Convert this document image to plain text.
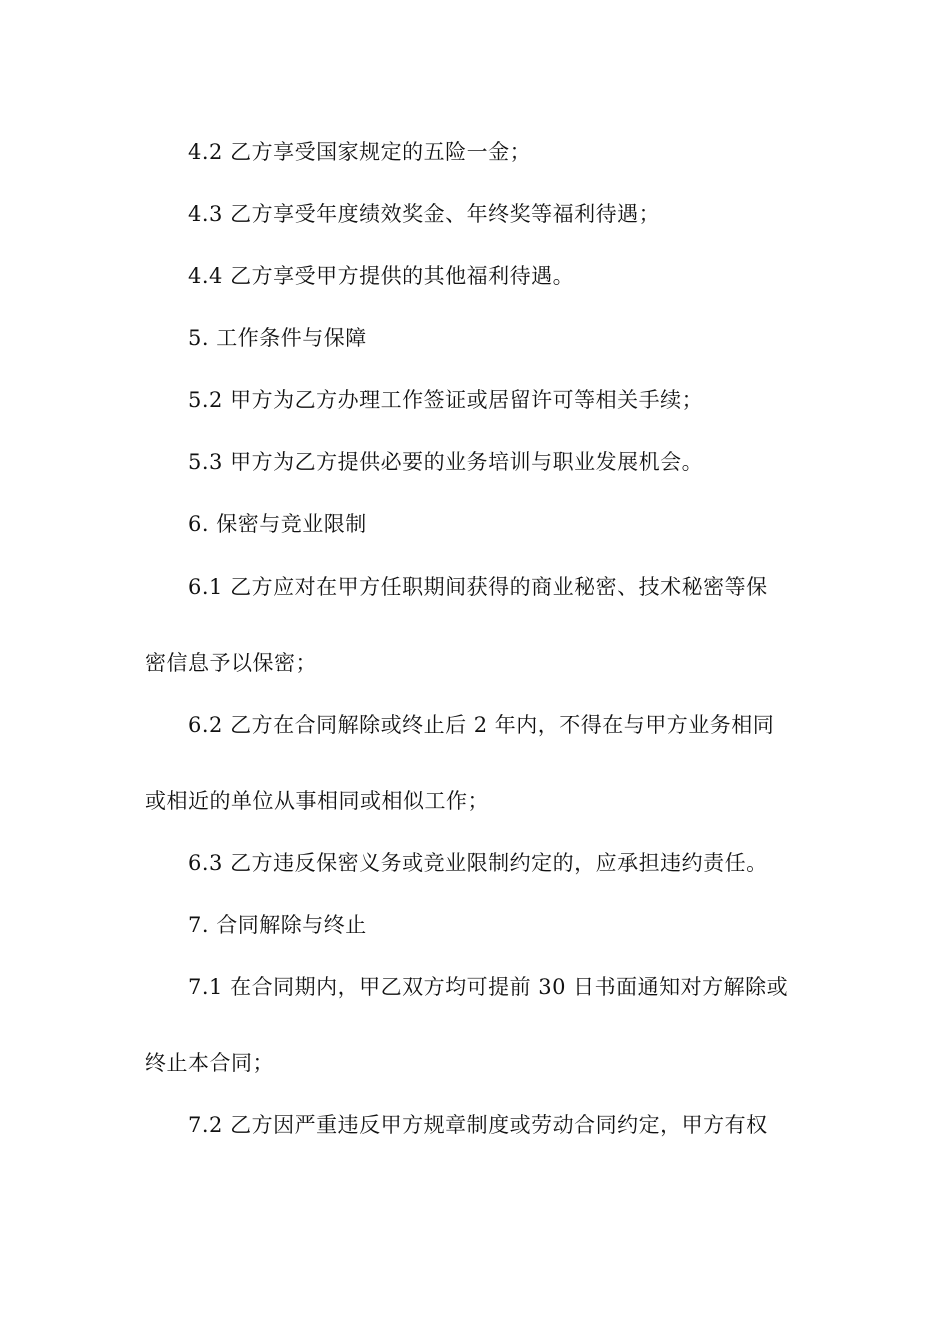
4.2 乙方享受国家规定的五险一金；
4.3 乙方享受年度绩效奖金、年终奖等福利待遇；
4.4 乙方享受甲方提供的其他福利待遇。
5. 工作条件与保障
5.2 甲方为乙方办理工作签证或居留许可等相关手续；
5.3 甲方为乙方提供必要的业务培训与职业发展机会。
6. 保密与竞业限制
6.1 乙方应对在甲方任职期间获得的商业秘密、技术秘密等保
密信息予以保密；
6.2 乙方在合同解除或终止后 2 年内，不得在与甲方业务相同
或相近的单位从事相同或相似工作；
6.3 乙方违反保密义务或竞业限制约定的，应承担违约责任。
7. 合同解除与终止
7.1 在合同期内，甲乙双方均可提前 30 日书面通知对方解除或
终止本合同；
7.2 乙方因严重违反甲方规章制度或劳动合同约定，甲方有权
